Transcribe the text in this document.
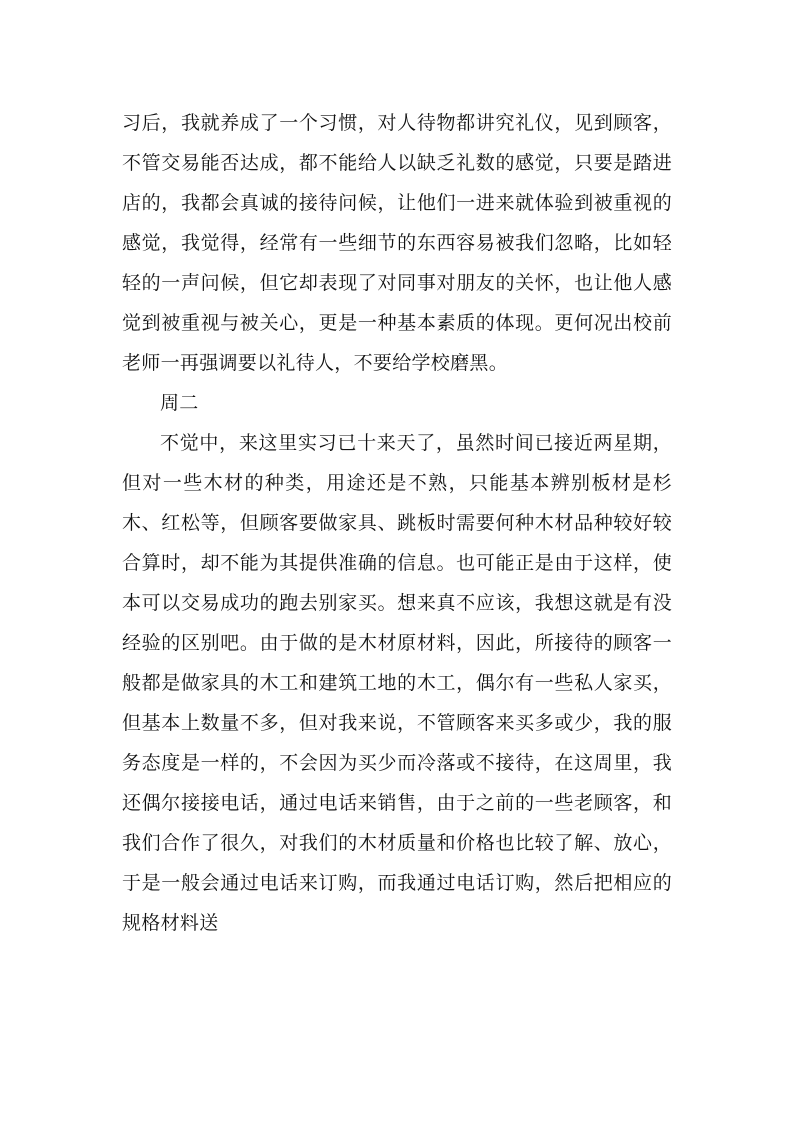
习后，我就养成了一个习惯，对人待物都讲究礼仪，见到顾客，不管交易能否达成，都不能给人以缺乏礼数的感觉，只要是踏进店的，我都会真诚的接待问候，让他们一进来就体验到被重视的感觉，我觉得，经常有一些细节的东西容易被我们忽略，比如轻轻的一声问候，但它却表现了对同事对朋友的关怀，也让他人感觉到被重视与被关心，更是一种基本素质的体现。更何况出校前老师一再强调要以礼待人，不要给学校磨黑。

周二

不觉中，来这里实习已十来天了，虽然时间已接近两星期，但对一些木材的种类，用途还是不熟，只能基本辨别板材是杉木、红松等，但顾客要做家具、跳板时需要何种木材品种较好较合算时，却不能为其提供准确的信息。也可能正是由于这样，使本可以交易成功的跑去别家买。想来真不应该，我想这就是有没经验的区别吧。由于做的是木材原材料，因此，所接待的顾客一般都是做家具的木工和建筑工地的木工，偶尔有一些私人家买，但基本上数量不多，但对我来说，不管顾客来买多或少，我的服务态度是一样的，不会因为买少而冷落或不接待，在这周里，我还偶尔接接电话，通过电话来销售，由于之前的一些老顾客，和我们合作了很久，对我们的木材质量和价格也比较了解、放心，于是一般会通过电话来订购，而我通过电话订购，然后把相应的规格材料送
